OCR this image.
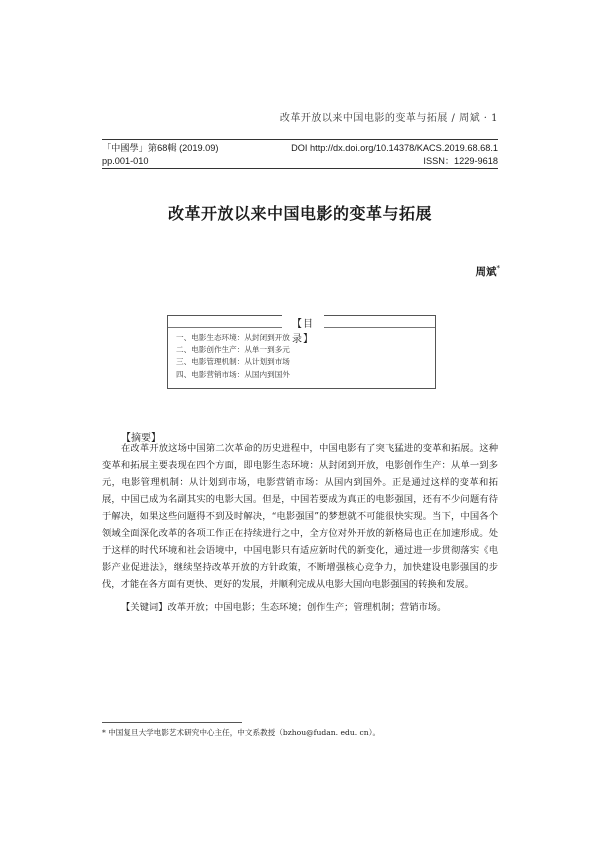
改革开放以来中国电影的变革与拓展 / 周斌 · 1
「中國學」第68輯 (2019.09)	DOI http://dx.doi.org/10.14378/KACS.2019.68.68.1
pp.001-010	ISSN：1229-9618
改革开放以来中国电影的变革与拓展
周斌*
【目 录】
一、电影生态环境：从封闭到开放
二、电影创作生产：从单一到多元
三、电影管理机制：从计划到市场
四、电影营销市场：从国内到国外
【摘要】

在改革开放这场中国第二次革命的历史进程中，中国电影有了突飞猛进的变革和拓展。这种变革和拓展主要表现在四个方面，即电影生态环境：从封闭到开放，电影创作生产：从单一到多元，电影管理机制：从计划到市场，电影营销市场：从国内到国外。正是通过这样的变革和拓展，中国已成为名副其实的电影大国。但是，中国若要成为真正的电影强国，还有不少问题有待于解决，如果这些问题得不到及时解决，“电影强国”的梦想就不可能很快实现。当下，中国各个领域全面深化改革的各项工作正在持续进行之中，全方位对外开放的新格局也正在加速形成。处于这样的时代环境和社会语境中，中国电影只有适应新时代的新变化，通过进一步贯彻落实《电影产业促进法》，继续坚持改革开放的方针政策，不断增强核心竞争力，加快建设电影强国的步伐，才能在各方面有更快、更好的发展，并顺利完成从电影大国向电影强国的转换和发展。

【关键词】改革开放；中国电影；生态环境；创作生产；管理机制；营销市场。
* 中国复旦大学电影艺术研究中心主任，中文系教授（bzhou@fudan. edu. cn）。
